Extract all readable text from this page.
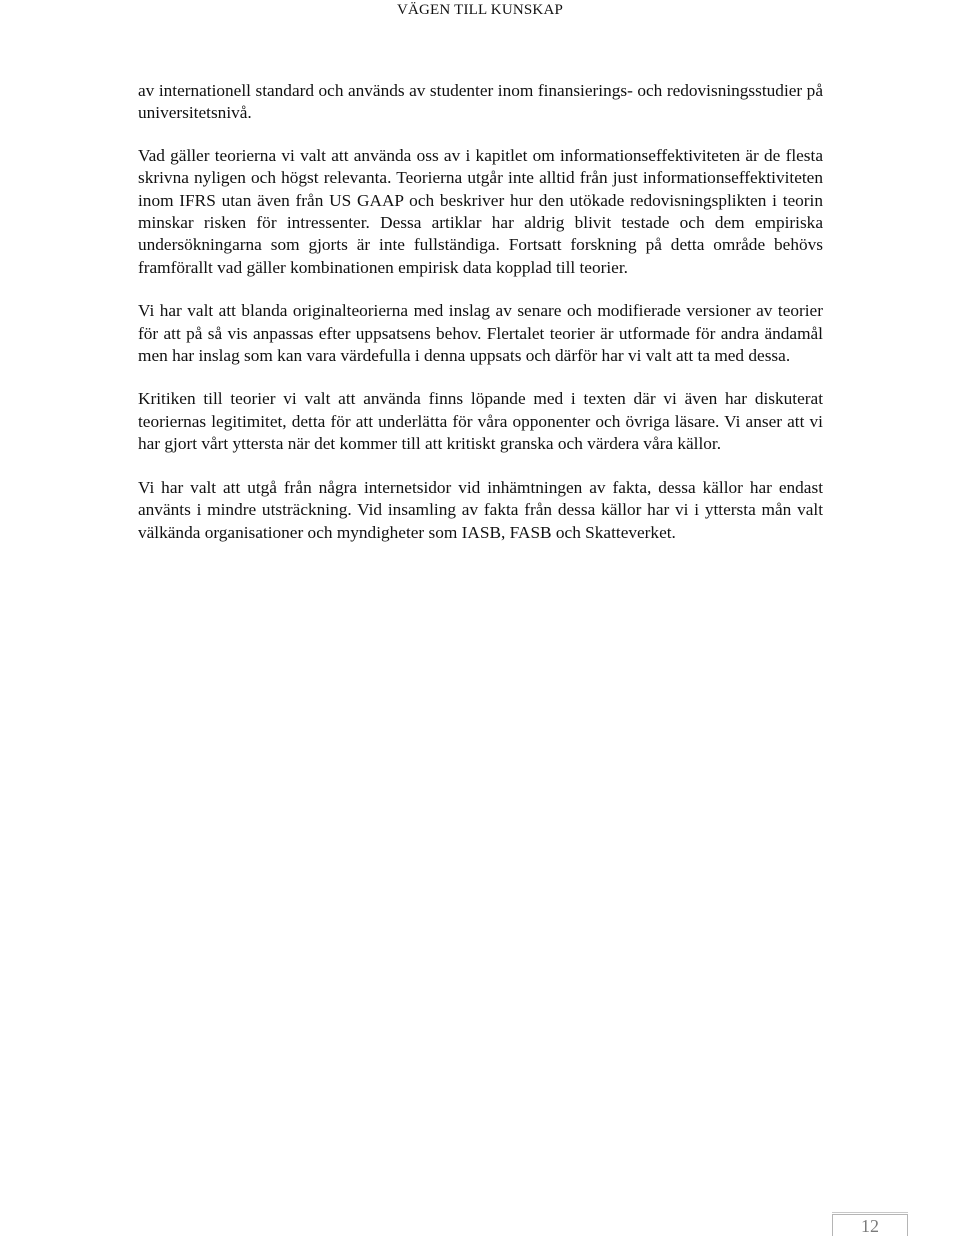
VÄGEN TILL KUNSKAP

av internationell standard och används av studenter inom finansierings- och redovisningsstudier på universitetsnivå.

Vad gäller teorierna vi valt att använda oss av i kapitlet om informationseffektiviteten är de flesta skrivna nyligen och högst relevanta. Teorierna utgår inte alltid från just informationseffektiviteten inom IFRS utan även från US GAAP och beskriver hur den utökade redovisningsplikten i teorin minskar risken för intressenter. Dessa artiklar har aldrig blivit testade och dem empiriska undersökningarna som gjorts är inte fullständiga. Fortsatt forskning på detta område behövs framförallt vad gäller kombinationen empirisk data kopplad till teorier.

Vi har valt att blanda originalteorierna med inslag av senare och modifierade versioner av teorier för att på så vis anpassas efter uppsatsens behov. Flertalet teorier är utformade för andra ändamål men har inslag som kan vara värdefulla i denna uppsats och därför har vi valt att ta med dessa.

Kritiken till teorier vi valt att använda finns löpande med i texten där vi även har diskuterat teoriernas legitimitet, detta för att underlätta för våra opponenter och övriga läsare. Vi anser att vi har gjort vårt yttersta när det kommer till att kritiskt granska och värdera våra källor.

Vi har valt att utgå från några internetsidor vid inhämtningen av fakta, dessa källor har endast använts i mindre utsträckning. Vid insamling av fakta från dessa källor har vi i yttersta mån valt välkända organisationer och myndigheter som IASB, FASB och Skatteverket.

12
